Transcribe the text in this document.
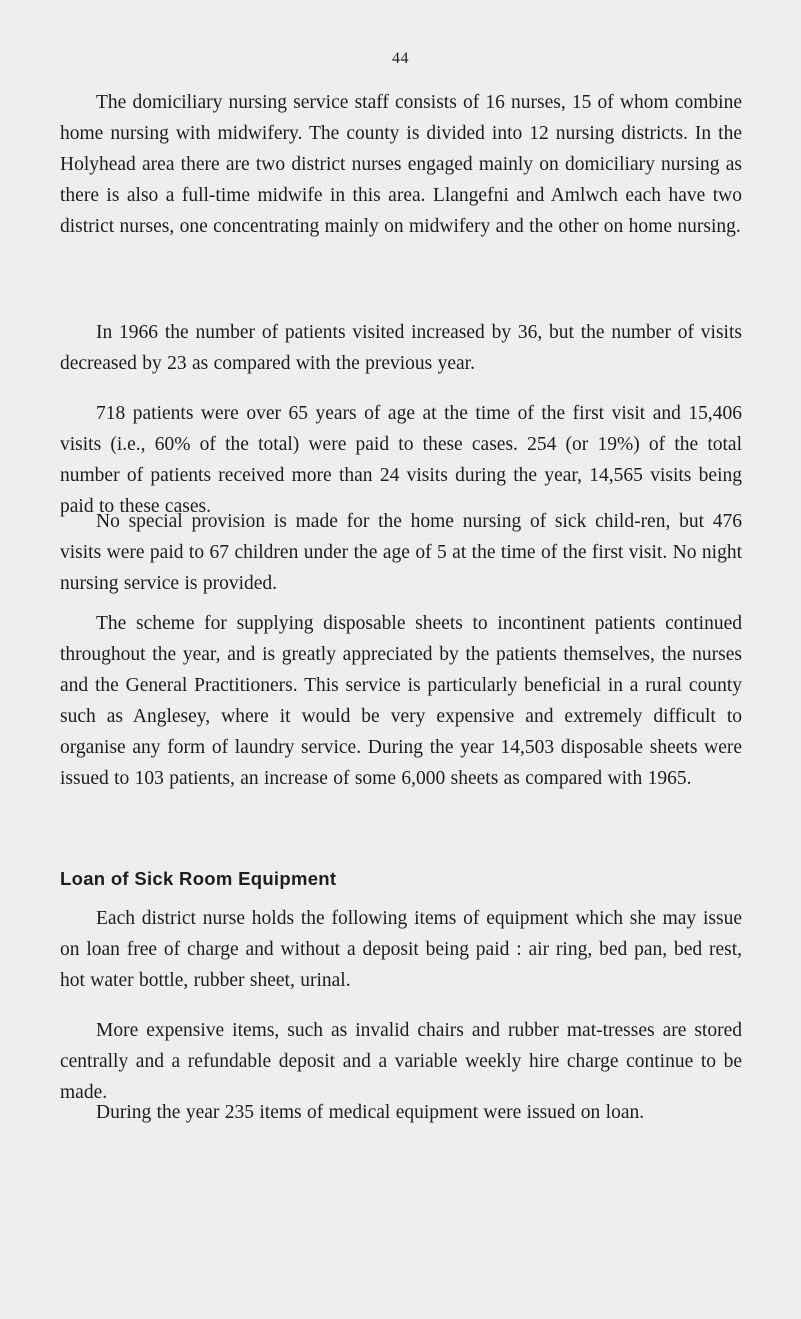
44

The domiciliary nursing service staff consists of 16 nurses, 15 of whom combine home nursing with midwifery. The county is divided into 12 nursing districts. In the Holyhead area there are two district nurses engaged mainly on domiciliary nursing as there is also a full-time midwife in this area. Llangefni and Amlwch each have two district nurses, one concentrating mainly on midwifery and the other on home nursing.

In 1966 the number of patients visited increased by 36, but the number of visits decreased by 23 as compared with the previous year.

718 patients were over 65 years of age at the time of the first visit and 15,406 visits (i.e., 60% of the total) were paid to these cases. 254 (or 19%) of the total number of patients received more than 24 visits during the year, 14,565 visits being paid to these cases.

No special provision is made for the home nursing of sick child-ren, but 476 visits were paid to 67 children under the age of 5 at the time of the first visit. No night nursing service is provided.

The scheme for supplying disposable sheets to incontinent patients continued throughout the year, and is greatly appreciated by the patients themselves, the nurses and the General Practitioners. This service is particularly beneficial in a rural county such as Anglesey, where it would be very expensive and extremely difficult to organise any form of laundry service. During the year 14,503 disposable sheets were issued to 103 patients, an increase of some 6,000 sheets as compared with 1965.

Loan of Sick Room Equipment

Each district nurse holds the following items of equipment which she may issue on loan free of charge and without a deposit being paid : air ring, bed pan, bed rest, hot water bottle, rubber sheet, urinal.

More expensive items, such as invalid chairs and rubber mat-tresses are stored centrally and a refundable deposit and a variable weekly hire charge continue to be made.

During the year 235 items of medical equipment were issued on loan.
